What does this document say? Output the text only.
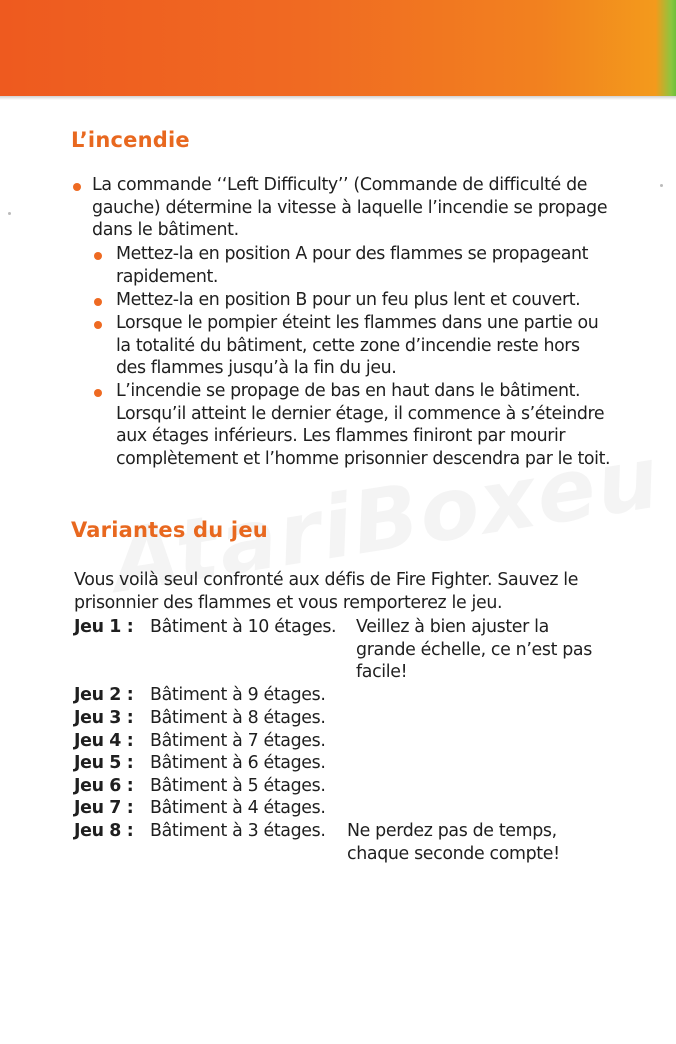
L’incendie
La commande ‘‘Left Difficulty’’ (Commande de difficulté de gauche) détermine la vitesse à laquelle l’incendie se propage dans le bâtiment.
Mettez-la en position A pour des flammes se propageant rapidement.
Mettez-la en position B pour un feu plus lent et couvert.
Lorsque le pompier éteint les flammes dans une partie ou la totalité du bâtiment, cette zone d’incendie reste hors des flammes jusqu’à la fin du jeu.
L’incendie se propage de bas en haut dans le bâtiment. Lorsqu’il atteint le dernier étage, il commence à s’éteindre aux étages inférieurs. Les flammes finiront par mourir complètement et l’homme prisonnier descendra par le toit.
Variantes du jeu
Vous voilà seul confronté aux défis de Fire Fighter. Sauvez le prisonnier des flammes et vous remporterez le jeu.
Jeu 1 : Bâtiment à 10 étages. Veillez à bien ajuster la grande échelle, ce n’est pas facile!
Jeu 2 : Bâtiment à 9 étages.
Jeu 3 : Bâtiment à 8 étages.
Jeu 4 : Bâtiment à 7 étages.
Jeu 5 : Bâtiment à 6 étages.
Jeu 6 : Bâtiment à 5 étages.
Jeu 7 : Bâtiment à 4 étages.
Jeu 8 : Bâtiment à 3 étages. Ne perdez pas de temps, chaque seconde compte!
